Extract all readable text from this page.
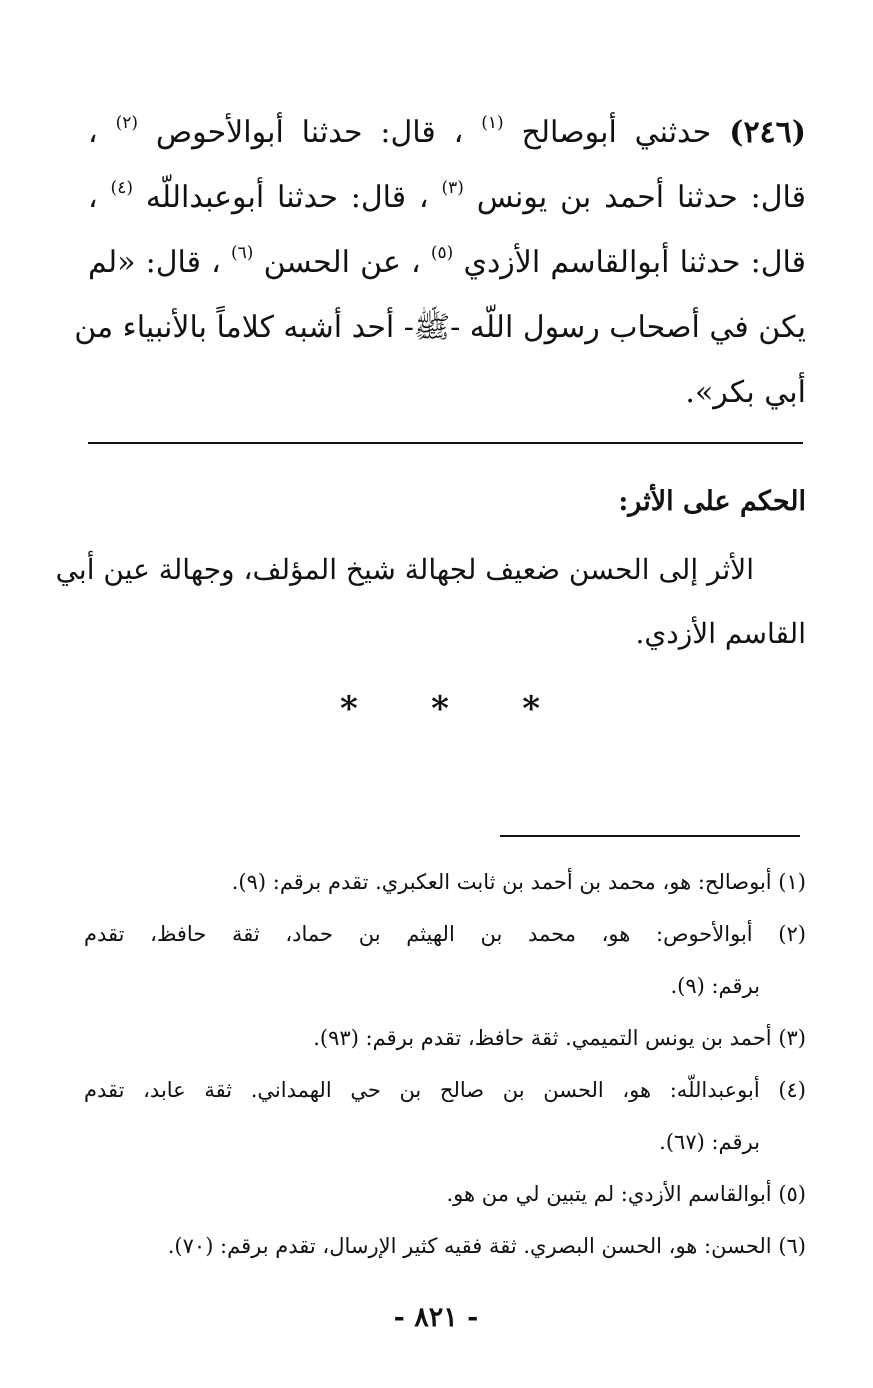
(٢٤٦) حدثني أبوصالح $^{(١)}$ ، قال: حدثنا أبوالأحوص $^{(٢)}$ ،
قال: حدثنا أحمد بن يونس $^{(٣)}$ ، قال: حدثنا أبوعبداللّه $^{(٤)}$ ،
قال: حدثنا أبوالقاسم الأزدي $^{(٥)}$ ، عن الحسن $^{(٦)}$ ، قال: «لم
يكن في أصحاب رسول اللّه -ﷺ- أحد أشبه كلاماً بالأنبياء من
أبي بكر».
الحكم على الأثر:
الأثر إلى الحسن ضعيف لجهالة شيخ المؤلف، وجهالة عين أبي
القاسم الأزدي.
* * *
(١) أبوصالح: هو، محمد بن أحمد بن ثابت العكبري. تقدم برقم: (٩).
(٢) أبوالأحوص: هو، محمد بن الهيثم بن حماد، ثقة حافظ، تقدم
برقم: (٩).
(٣) أحمد بن يونس التميمي. ثقة حافظ، تقدم برقم: (٩٣).
(٤) أبوعبداللّه: هو، الحسن بن صالح بن حي الهمداني. ثقة عابد، تقدم
برقم: (٦٧).
(٥) أبوالقاسم الأزدي: لم يتبين لي من هو.
(٦) الحسن: هو، الحسن البصري. ثقة فقيه كثير الإرسال، تقدم برقم: (٧٠).
- ٨٢١ -
